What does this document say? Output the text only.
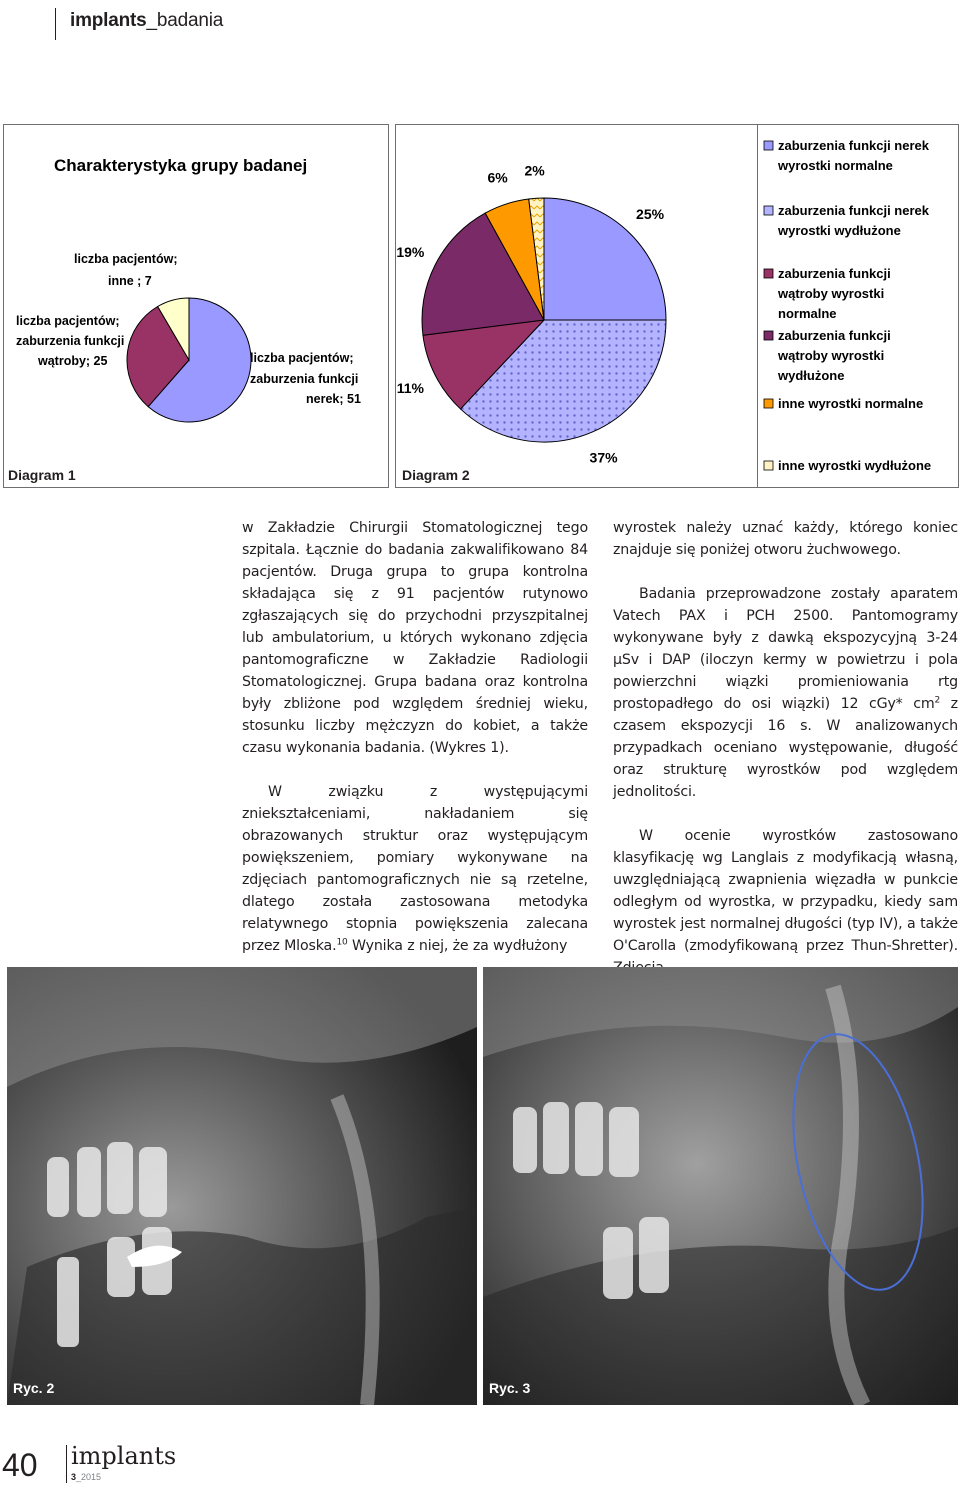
implants_badania
Charakterystyka grupy badanej
liczba pacjentów;
inne ; 7
liczba pacjentów;
zaburzenia funkcji
wątroby; 25	liczba pacjentów;
zaburzenia funkcji
nerek; 51
Diagram 1
25%
37%
11%
19%
6% 2%
zaburzenia funkcji nerek
wyrostki normalne
zaburzenia funkcji nerek
wyrostki wydłużone
zaburzenia funkcji
wątroby wyrostki
normalne
zaburzenia funkcji
wątroby wyrostki
wydłużone
inne wyrostki normalne
inne wyrostki wydłużone
Diagram 2

w Zakładzie Chirurgii Stomatologicznej tego szpitala. Łącznie do badania zakwalifikowano 84 pacjentów. Druga grupa to grupa kontrolna składająca się z 91 pacjentów rutynowo zgłaszających się do przychodni przyszpitalnej lub ambulatorium, u których wykonano zdjęcia pantomograficzne w Zakładzie Radiologii Stomatologicznej. Grupa badana oraz kontrolna były zbliżone pod względem średniej wieku, stosunku liczby mężczyzn do kobiet, a także czasu wykonania badania. (Wykres 1).

W związku z występującymi zniekształceniami, nakładaniem się obrazowanych struktur oraz występującym powiększeniem, pomiary wykonywane na zdjęciach pantomograficznych nie są rzetelne, dlatego została zastosowana metodyka relatywnego stopnia powiększenia zalecana przez Mloska.$^{10}$ Wynika z niej, że za wydłużony

wyrostek należy uznać każdy, którego koniec znajduje się poniżej otworu żuchwowego.

Badania przeprowadzone zostały aparatem Vatech PAX i PCH 2500. Pantomogramy wykonywane były z dawką ekspozycyjną 3-24 µSv i DAP (iloczyn kermy w powietrzu i pola powierzchni wiązki promieniowania rtg prostopadłego do osi wiązki) 12 cGy* $cm^2$ z czasem ekspozycji 16 s. W analizowanych przypadkach oceniano występowanie, długość oraz strukturę wyrostków pod względem jednolitości.

W ocenie wyrostków zastosowano klasyfikację wg Langlais z modyfikacją własną, uwzględniającą zwapnienia więzadła w punkcie odległym od wyrostka, w przypadku, kiedy sam wyrostek jest normalnej długości (typ IV), a także O'Carolla (zmodyfikowaną przez Thun-Shretter).

Ryc. 2	Ryc. 3
40 implants
3_2015
